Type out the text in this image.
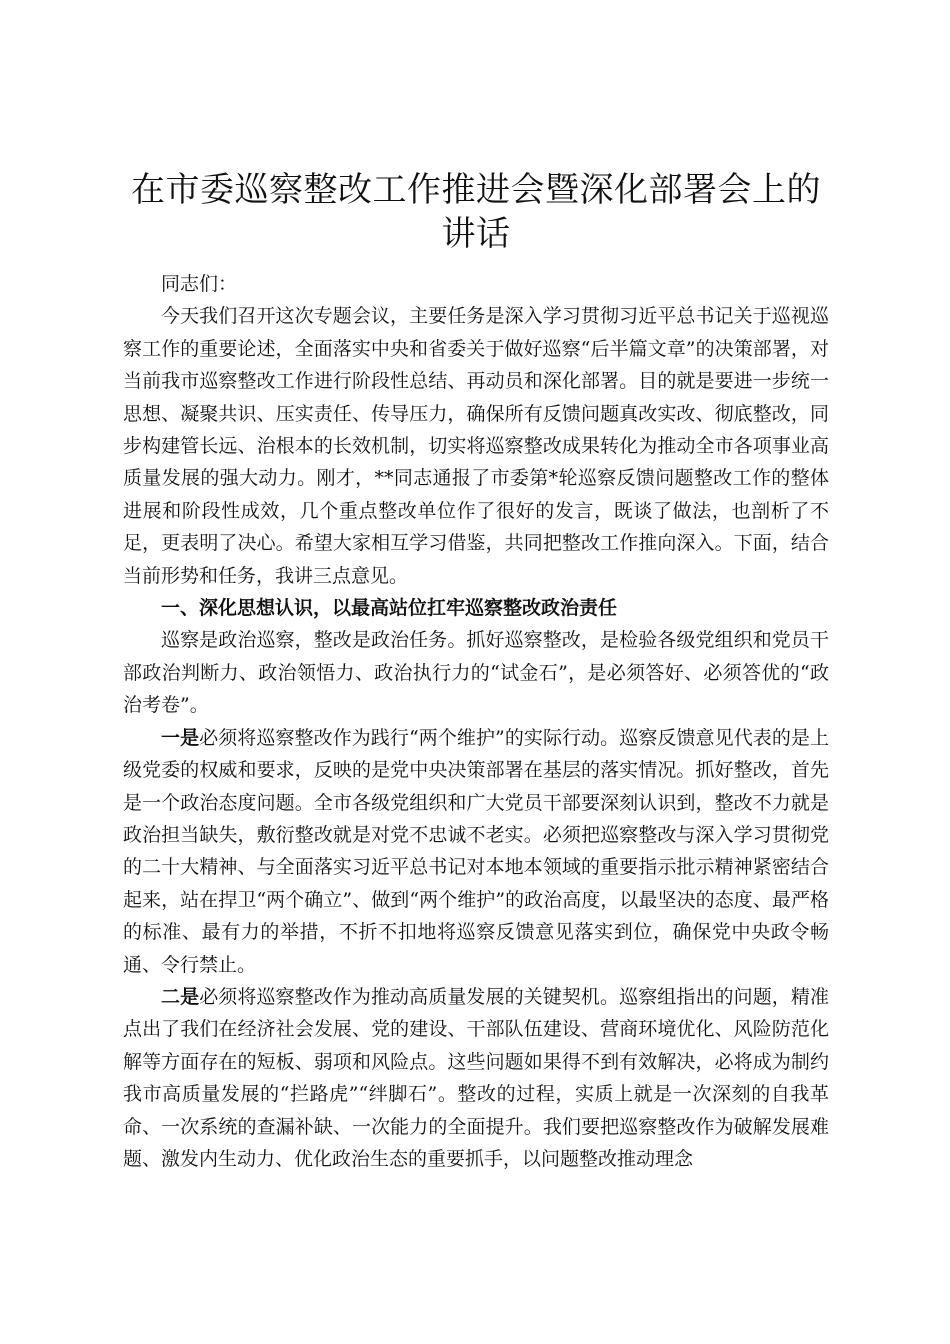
在市委巡察整改工作推进会暨深化部署会上的讲话

同志们：

今天我们召开这次专题会议，主要任务是深入学习贯彻习近平总书记关于巡视巡察工作的重要论述，全面落实中央和省委关于做好巡察“后半篇文章”的决策部署，对当前我市巡察整改工作进行阶段性总结、再动员和深化部署。目的就是要进一步统一思想、凝聚共识、压实责任、传导压力，确保所有反馈问题真改实改、彻底整改，同步构建管长远、治根本的长效机制，切实将巡察整改成果转化为推动全市各项事业高质量发展的强大动力。刚才，**同志通报了市委第*轮巡察反馈问题整改工作的整体进展和阶段性成效，几个重点整改单位作了很好的发言，既谈了做法，也剖析了不足，更表明了决心。希望大家相互学习借鉴，共同把整改工作推向深入。下面，结合当前形势和任务，我讲三点意见。

一、深化思想认识，以最高站位扛牢巡察整改政治责任

巡察是政治巡察，整改是政治任务。抓好巡察整改，是检验各级党组织和党员干部政治判断力、政治领悟力、政治执行力的“试金石”，是必须答好、必须答优的“政治考卷”。

一是必须将巡察整改作为践行“两个维护”的实际行动。巡察反馈意见代表的是上级党委的权威和要求，反映的是党中央决策部署在基层的落实情况。抓好整改，首先是一个政治态度问题。全市各级党组织和广大党员干部要深刻认识到，整改不力就是政治担当缺失，敷衍整改就是对党不忠诚不老实。必须把巡察整改与深入学习贯彻党的二十大精神、与全面落实习近平总书记对本地本领域的重要指示批示精神紧密结合起来，站在捍卫“两个确立”、做到“两个维护”的政治高度，以最坚决的态度、最严格的标准、最有力的举措，不折不扣地将巡察反馈意见落实到位，确保党中央政令畅通、令行禁止。

二是必须将巡察整改作为推动高质量发展的关键契机。巡察组指出的问题，精准点出了我们在经济社会发展、党的建设、干部队伍建设、营商环境优化、风险防范化解等方面存在的短板、弱项和风险点。这些问题如果得不到有效解决，必将成为制约我市高质量发展的“拦路虎”“绊脚石”。整改的过程，实质上就是一次深刻的自我革命、一次系统的查漏补缺、一次能力的全面提升。我们要把巡察整改作为破解发展难题、激发内生动力、优化政治生态的重要抓手，以问题整改推动理念
